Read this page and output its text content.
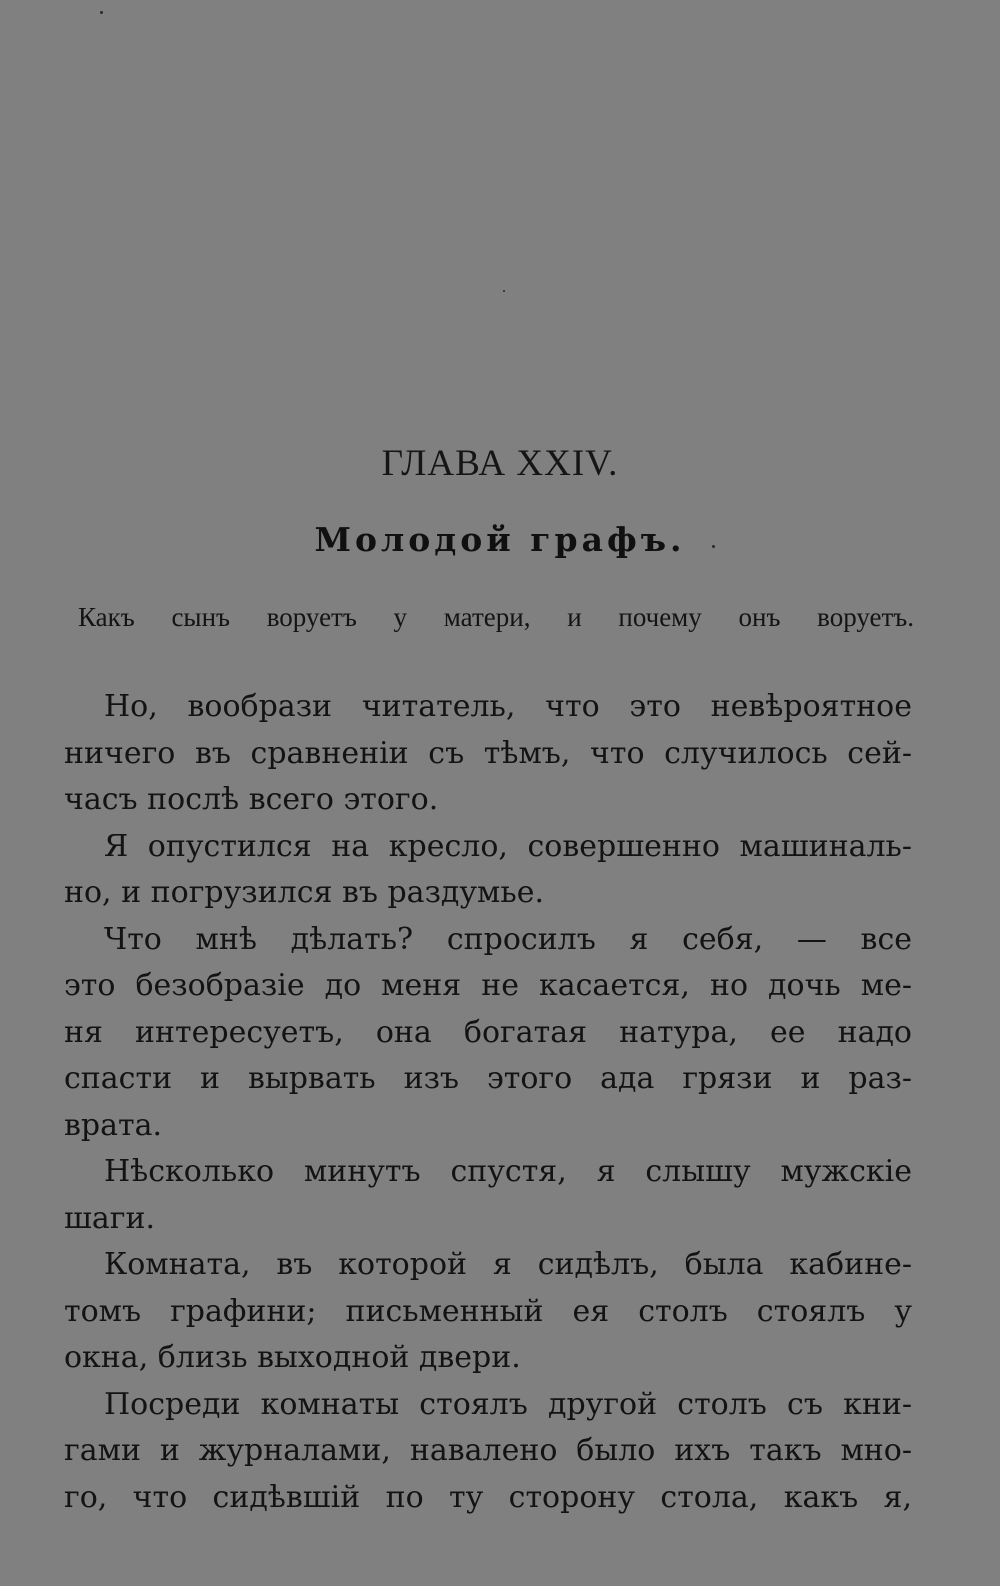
ГЛАВА XXIV.
Молодой графъ.
Какъ сынъ воруетъ у матери, и почему онъ воруетъ.
Но, вообрази читатель, что это невѣроятное
ничего въ сравненіи съ тѣмъ, что случилось сей-
часъ послѣ всего этого.
Я опустился на кресло, совершенно машиналь-
но, и погрузился въ раздумье.
Что мнѣ дѣлать? спросилъ я себя, — все
это безобразіе до меня не касается, но дочь ме-
ня интересуетъ, она богатая натура, ее надо
спасти и вырвать изъ этого ада грязи и раз-
врата.
Нѣсколько минутъ спустя, я слышу мужскіе
шаги.
Комната, въ которой я сидѣлъ, была кабине-
томъ графини; письменный ея столъ стоялъ у
окна, близь выходной двери.
Посреди комнаты стоялъ другой столъ съ кни-
гами и журналами, навалено было ихъ такъ мно-
го, что сидѣвшій по ту сторону стола, какъ я,
